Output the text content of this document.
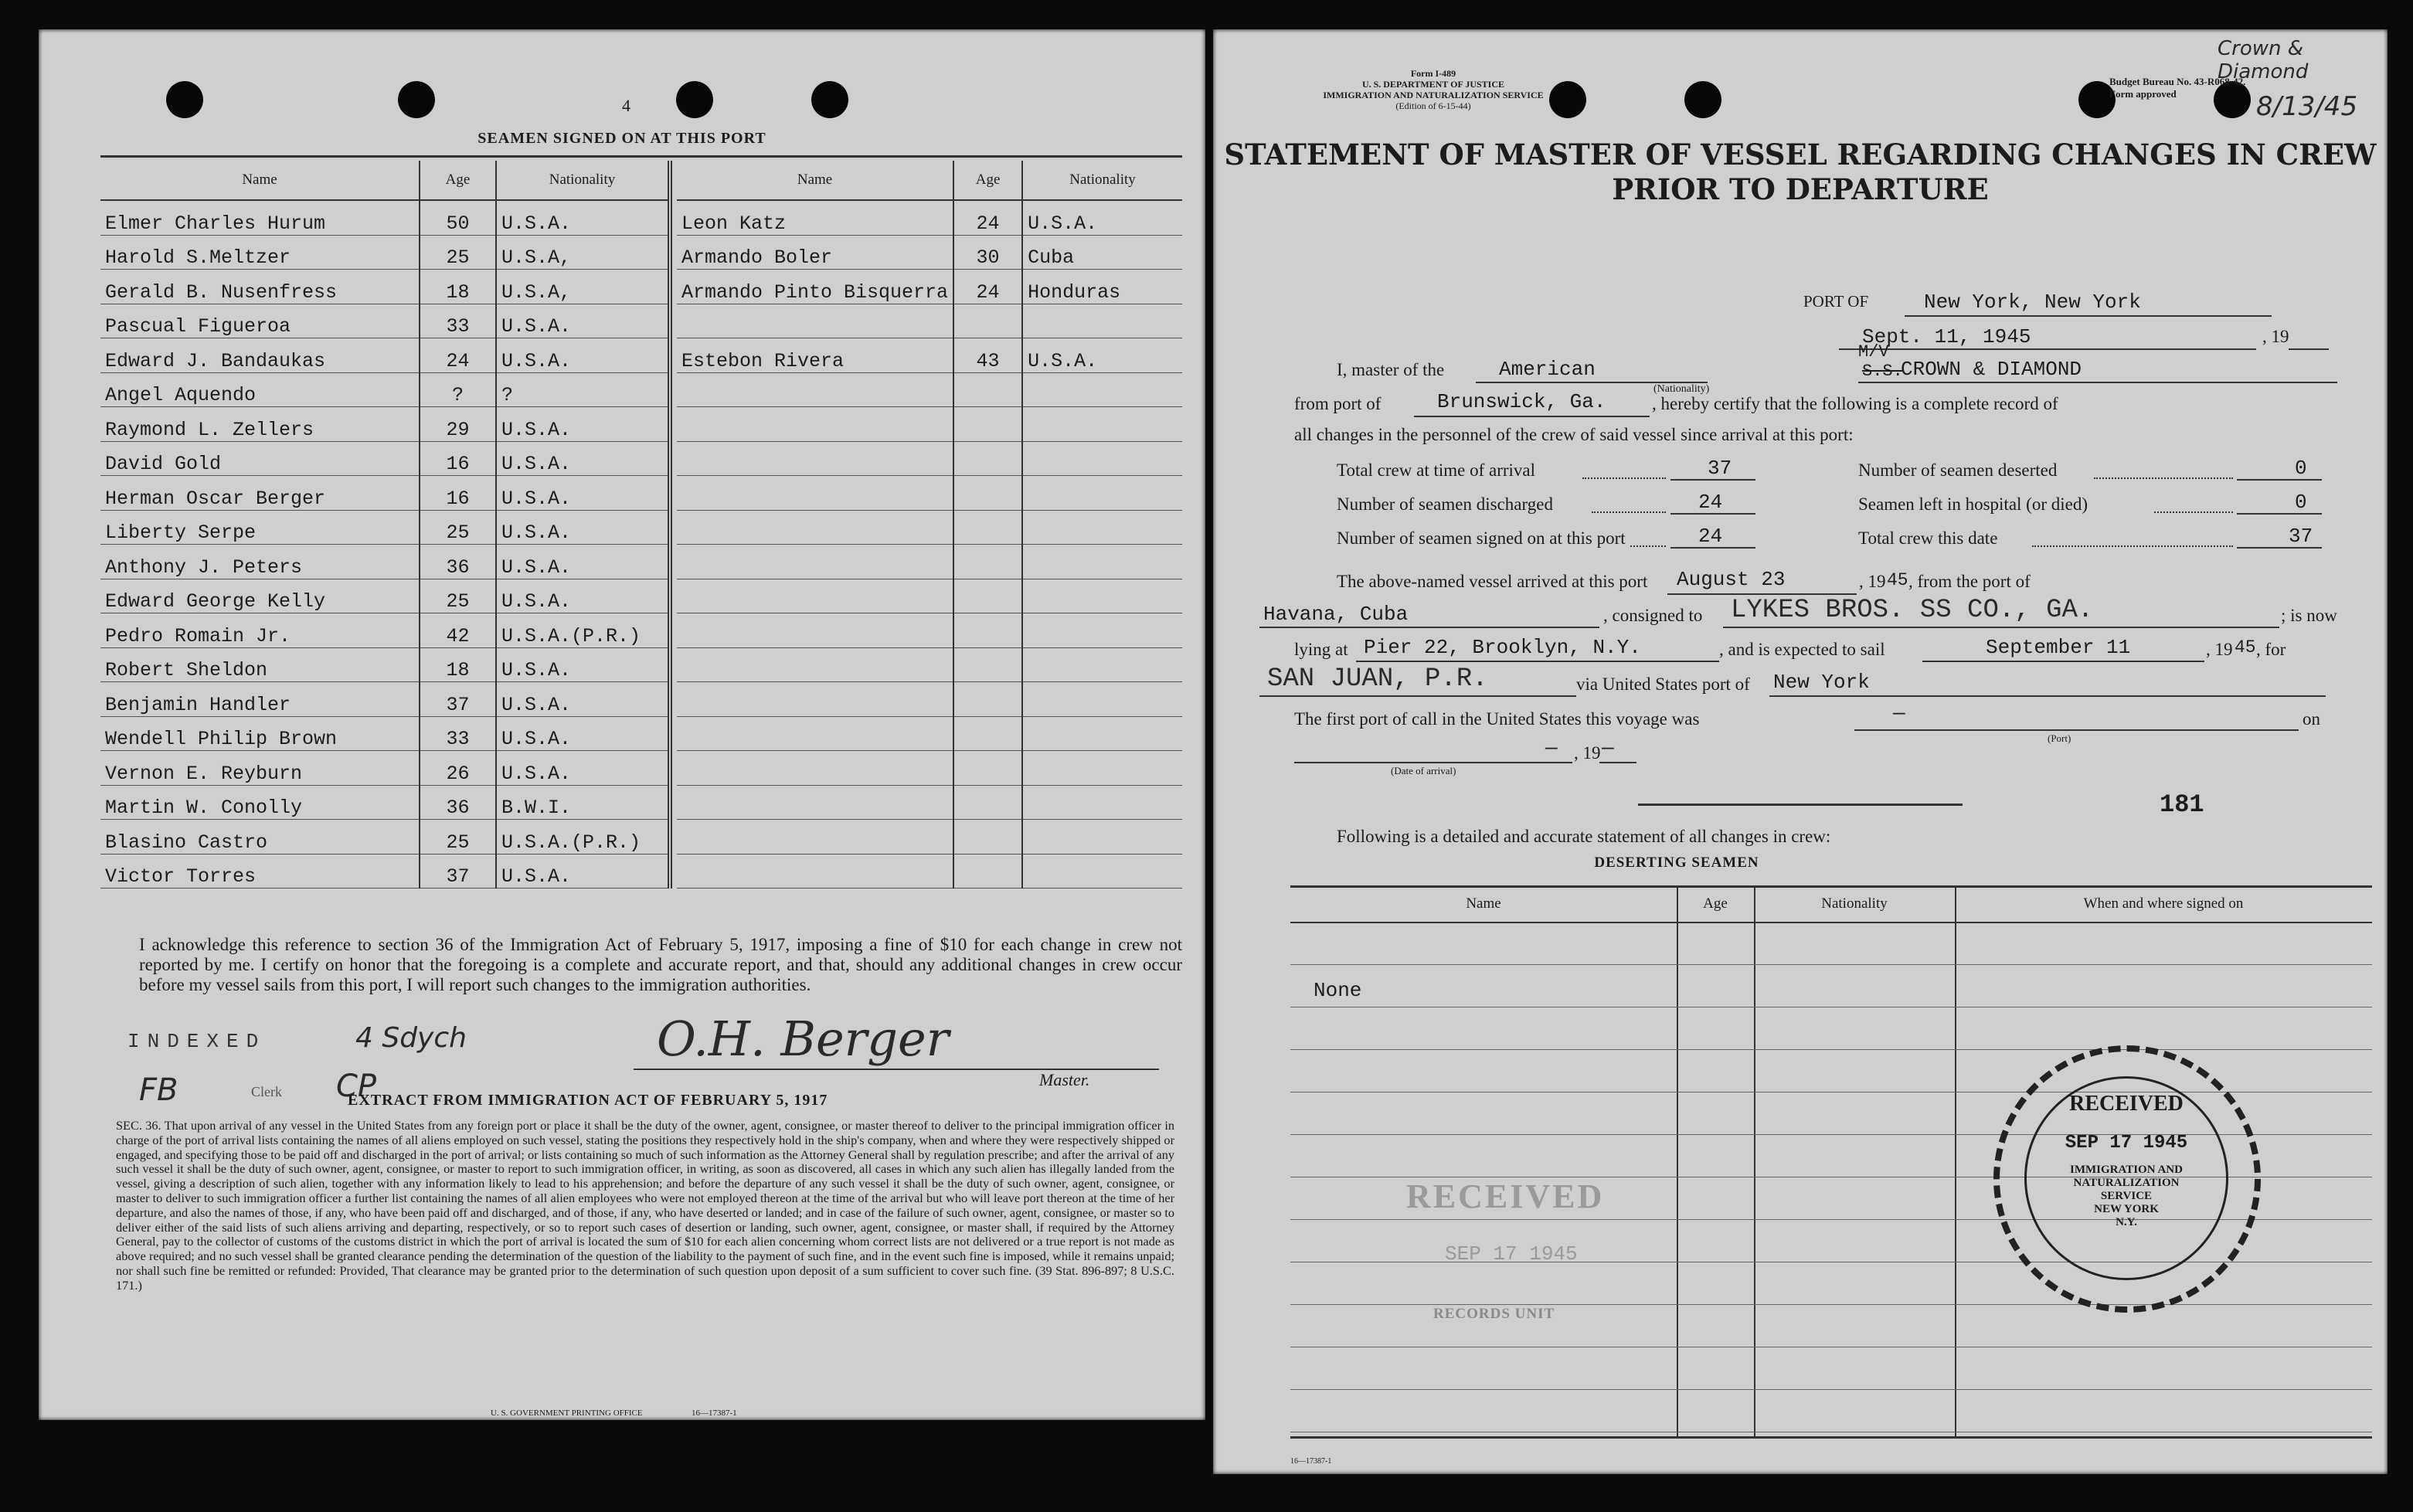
4
SEAMEN SIGNED ON AT THIS PORT
Name	Age	Nationality
Elmer Charles Hurum	50	U.S.A.
Harold S.Meltzer	25	U.S.A,
Gerald B. Nusenfress	18	U.S.A,
Pascual Figueroa	33	U.S.A.
Edward J. Bandaukas	24	U.S.A.
Angel Aquendo	?	?
Raymond L. Zellers	29	U.S.A.
David Gold	16	U.S.A.
Herman Oscar Berger	16	U.S.A.
Liberty Serpe	25	U.S.A.
Anthony J. Peters	36	U.S.A.
Edward George Kelly	25	U.S.A.
Pedro Romain Jr.	42	U.S.A.(P.R.)
Robert Sheldon	18	U.S.A.
Benjamin Handler	37	U.S.A.
Wendell Philip Brown	33	U.S.A.
Vernon E. Reyburn	26	U.S.A.
Martin W. Conolly	36	B.W.I.
Blasino Castro	25	U.S.A.(P.R.)
Victor Torres	37	U.S.A.
Name	Age	Nationality
Leon Katz	24	U.S.A.
Armando Boler	30	Cuba
Armando Pinto Bisquerra	24	Honduras

Estebon Rivera	43	U.S.A.

I acknowledge this reference to section 36 of the Immigration Act of February 5, 1917, imposing a fine of $10 for each change in crew not reported by me. I certify on honor that the foregoing is a complete and accurate report, and that, should any additional changes in crew occur before my vessel sails from this port, I will report such changes to the immigration authorities.
INDEXED	4 Sdych
FB	Clerk CP
O.H. Berger
Master.
EXTRACT FROM IMMIGRATION ACT OF FEBRUARY 5, 1917
SEC. 36. That upon arrival of any vessel in the United States from any foreign port or place it shall be the duty of the owner, agent, consignee, or master thereof to deliver to the principal immigration officer in charge of the port of arrival lists containing the names of all aliens employed on such vessel, stating the positions they respectively hold in the ship's company, when and where they were respectively shipped or engaged, and specifying those to be paid off and discharged in the port of arrival; or lists containing so much of such information as the Attorney General shall by regulation prescribe; and after the arrival of any such vessel it shall be the duty of such owner, agent, consignee, or master to report to such immigration officer, in writing, as soon as discovered, all cases in which any such alien has illegally landed from the vessel, giving a description of such alien, together with any information likely to lead to his apprehension; and before the departure of any such vessel it shall be the duty of such owner, agent, consignee, or master to deliver to such immigration officer a further list containing the names of all alien employees who were not employed thereon at the time of the arrival but who will leave port thereon at the time of her departure, and also the names of those, if any, who have been paid off and discharged, and of those, if any, who have deserted or landed; and in case of the failure of such owner, agent, consignee, or master so to deliver either of the said lists of such aliens arriving and departing, respectively, or so to report such cases of desertion or landing, such owner, agent, consignee, or master shall, if required by the Attorney General, pay to the collector of customs of the customs district in which the port of arrival is located the sum of $10 for each alien concerning whom correct lists are not delivered or a true report is not made as above required; and no such vessel shall be granted clearance pending the determination of the question of the liability to the payment of such fine, and in the event such fine is imposed, while it remains unpaid; nor shall such fine be remitted or refunded: Provided, That clearance may be granted prior to the determination of such question upon deposit of a sum sufficient to cover such fine. (39 Stat. 896-897; 8 U.S.C. 171.)
U. S. GOVERNMENT PRINTING OFFICE	16—17387-1
Form I-489
U. S. DEPARTMENT OF JUSTICE
IMMIGRATION AND NATURALIZATION SERVICE
(Edition of 6-15-44)
Budget Bureau No. 43-R068-42.
Form approved
Crown & Diamond
8/13/45
STATEMENT OF MASTER OF VESSEL REGARDING CHANGES IN CREW
PRIOR TO DEPARTURE
PORT OF	New York, New York
Sept. 11, 1945	, 19
I, master of the	American
(Nationality)
M/V
S.S.
CROWN & DIAMOND
from port of	Brunswick, Ga.	, hereby certify that the following is a complete record of
all changes in the personnel of the crew of said vessel since arrival at this port:
Total crew at time of arrival	37	Number of seamen deserted	0
Number of seamen discharged	24	Seamen left in hospital (or died)	0
Number of seamen signed on at this port	24	Total crew this date	37
The above-named vessel arrived at this port August 23	, 19 45 , from the port of
Havana, Cuba	, consigned to LYKES BROS. SS CO., GA.	; is now
lying at Pier 22, Brooklyn, N.Y.	, and is expected to sail	September 11	, 19 45 , for
SAN JUAN, P.R.	via United States port of New York
The first port of call in the United States this voyage was	—	on
(Port)
— , 19 —
(Date of arrival)
181
Following is a detailed and accurate statement of all changes in crew:
DESERTING SEAMEN
Name	Age	Nationality	When and where signed on
None
RECEIVED
SEP 17 1945
RECORDS UNIT
RECEIVED
SEP 17 1945
IMMIGRATION AND
NATURALIZATION
SERVICE
NEW YORK
N.Y.
16—17387-1
